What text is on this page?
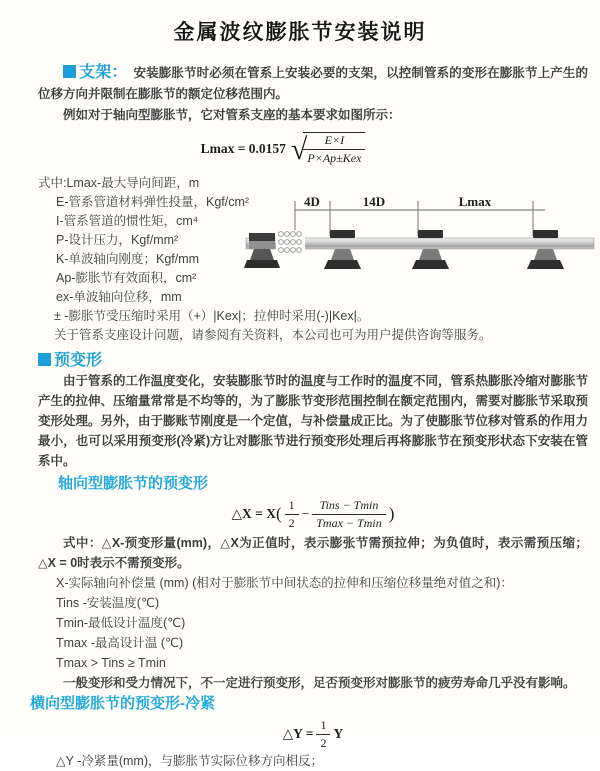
金属波纹膨胀节安装说明

支架： 安装膨胀节时必须在管系上安装必要的支架，以控制管系的变形在膨胀节上产生的位移方向并限制在膨胀节的额定位移范围内。

例如对于轴向型膨胀节，它对管系支座的基本要求如图所示：

Lmax = 0.0157 √	E×I
P×Ap±Kex

式中:Lmax-最大导向间距，m

E-管系管道材料弹性投量，Kgf/cm²

I-管系管道的惯性矩，cm⁴

P-设计压力，Kgf/mm²

K-单波轴向刚度；Kgf/mm

Ap-膨胀节有效面积，cm²

ex-单波轴向位移，mm

± -膨胀节受压缩时采用（+）|Kex|；拉伸时采用(-)|Kex|。

关于管系支座设计问题，请参阅有关资料，本公司也可为用户提供咨询等服务。

预变形

由于管系的工作温度变化，安装膨胀节时的温度与工作时的温度不同，管系热膨胀冷缩对膨胀节产生的拉伸、压缩量常常是不均等的，为了膨胀节变形范围控制在额定范围内，需要对膨胀节采取预变形处理。另外，由于膨账节刚度是一个定值，与补偿量成正比。为了使膨胀节位移对管系的作用力最小，也可以采用预变形(冷紧)方让对膨胀节进行预变形处理后再将膨胀节在预变形状态下安装在管系中。

轴向型膨胀节的预变形

△X = X ( $\frac{1}{2} - \frac{\text{Tins − Tmin}}{Tmax - Tmin}$ )

式中：△X-预变形量(mm)，△X为正值时，表示膨张节需预拉伸；为负值时，表示需预压缩；△X = 0时表示不需预变形。

X-实际轴向补偿量 (mm) (相对于膨胀节中间状态的拉伸和压缩位移量绝对值之和)：

Tins -安装温度(℃)

Tmin-最低设计温度(℃)

Tmax -最高设计温 (℃)

Tmax > Tins ≥ Tmin

一般变形和受力情况下，不一定进行预变形，足否预变形对膨胀节的疲劳寿命几乎没有影响。

横向型膨胀节的预变形-冷紧

△Y = $\frac{1}{2}$ Y

△Y -冷紧量(mm)，与膨胀节实际位移方向相反；

4D	14D	Lmax
